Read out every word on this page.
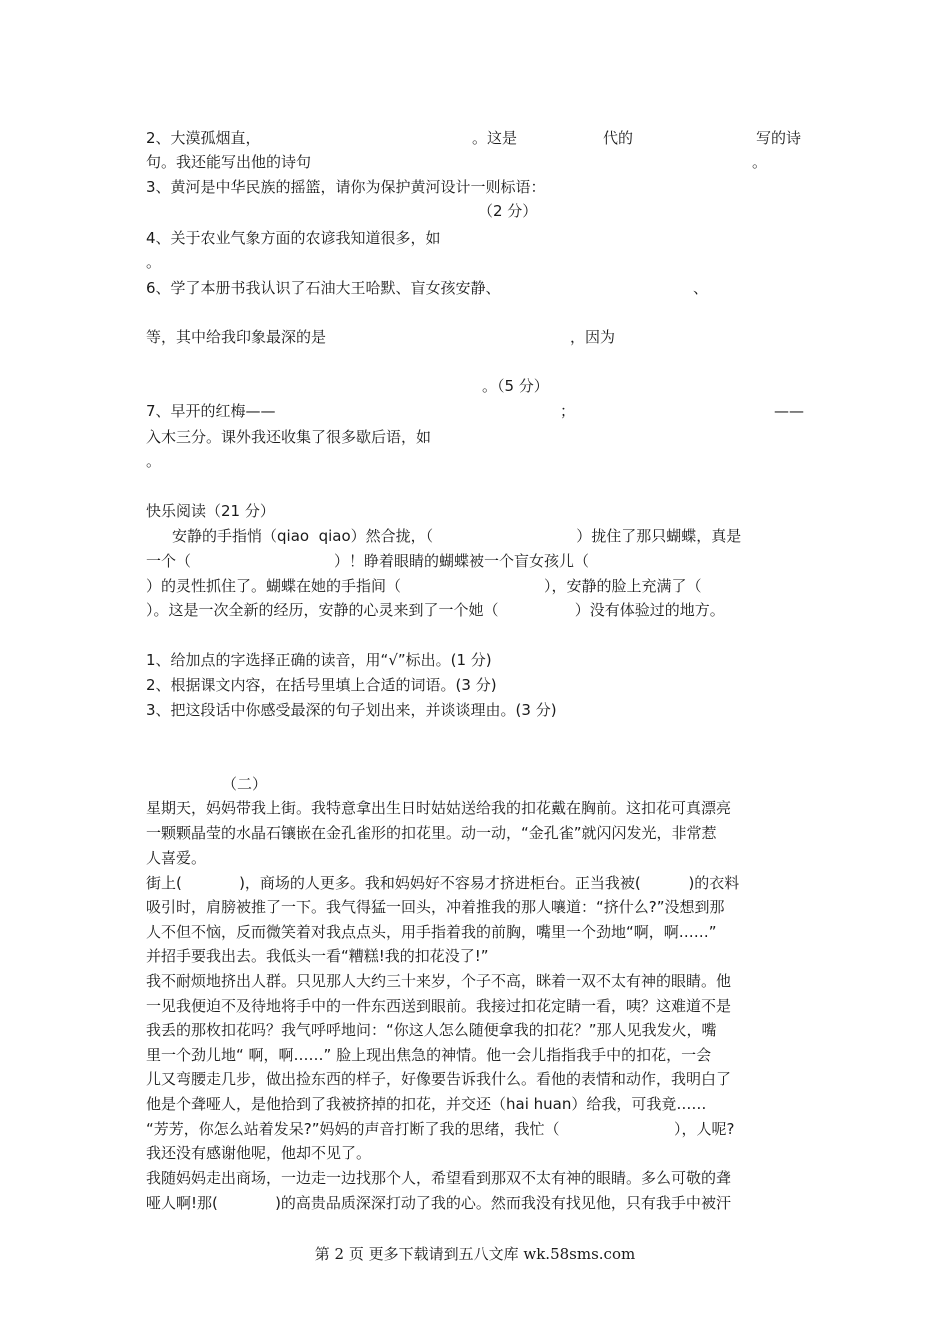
2、大漠孤烟直，	。这是	代的	写的诗
句。我还能写出他的诗句	。
3、黄河是中华民族的摇篮，请你为保护黄河设计一则标语：
（2 分）
4、关于农业气象方面的农谚我知道很多，如
。
6、学了本册书我认识了石油大王哈默、盲女孩安静、	、
等，其中给我印象最深的是	，因为
。（5 分）
7、早开的红梅——	；	——
入木三分。课外我还收集了很多歇后语，如
。
快乐阅读（21 分）
安静的手指悄（qiao  qiao）然合拢，（                              ）拢住了那只蝴蝶，真是
一个（                              ）！睁着眼睛的蝴蝶被一个盲女孩儿（
）的灵性抓住了。蝴蝶在她的手指间（                              ），安静的脸上充满了（
）。这是一次全新的经历，安静的心灵来到了一个她（                ）没有体验过的地方。
1、给加点的字选择正确的读音，用“√”标出。(1 分)
2、根据课文内容，在括号里填上合适的词语。(3 分)
3、把这段话中你感受最深的句子划出来，并谈谈理由。(3 分)
（二）
星期天，妈妈带我上街。我特意拿出生日时姑姑送给我的扣花戴在胸前。这扣花可真漂亮
一颗颗晶莹的水晶石镶嵌在金孔雀形的扣花里。动一动，“金孔雀”就闪闪发光，非常惹
人喜爱。
街上(            )，商场的人更多。我和妈妈好不容易才挤进柜台。正当我被(          )的衣料
吸引时，肩膀被推了一下。我气得猛一回头，冲着推我的那人嚷道：“挤什么?”没想到那
人不但不恼，反而微笑着对我点点头，用手指着我的前胸，嘴里一个劲地“啊，啊……”
并招手要我出去。我低头一看“糟糕!我的扣花没了!”
我不耐烦地挤出人群。只见那人大约三十来岁，个子不高，眯着一双不太有神的眼睛。他
一见我便迫不及待地将手中的一件东西送到眼前。我接过扣花定睛一看，咦？这难道不是
我丢的那枚扣花吗？我气呼呼地问：“你这人怎么随便拿我的扣花？”那人见我发火，嘴
里一个劲儿地“ 啊，啊……” 脸上现出焦急的神情。他一会儿指指我手中的扣花，一会
儿又弯腰走几步，做出捡东西的样子，好像要告诉我什么。看他的表情和动作，我明白了
他是个聋哑人，是他拾到了我被挤掉的扣花，并交还（hai huan）给我，可我竟……
“芳芳，你怎么站着发呆?”妈妈的声音打断了我的思绪，我忙（                        ），人呢?
我还没有感谢他呢，他却不见了。
我随妈妈走出商场，一边走一边找那个人，希望看到那双不太有神的眼睛。多么可敬的聋
哑人啊!那(            )的高贵品质深深打动了我的心。然而我没有找见他，只有我手中被汗
第 2 页 更多下载请到五八文库 wk.58sms.com
